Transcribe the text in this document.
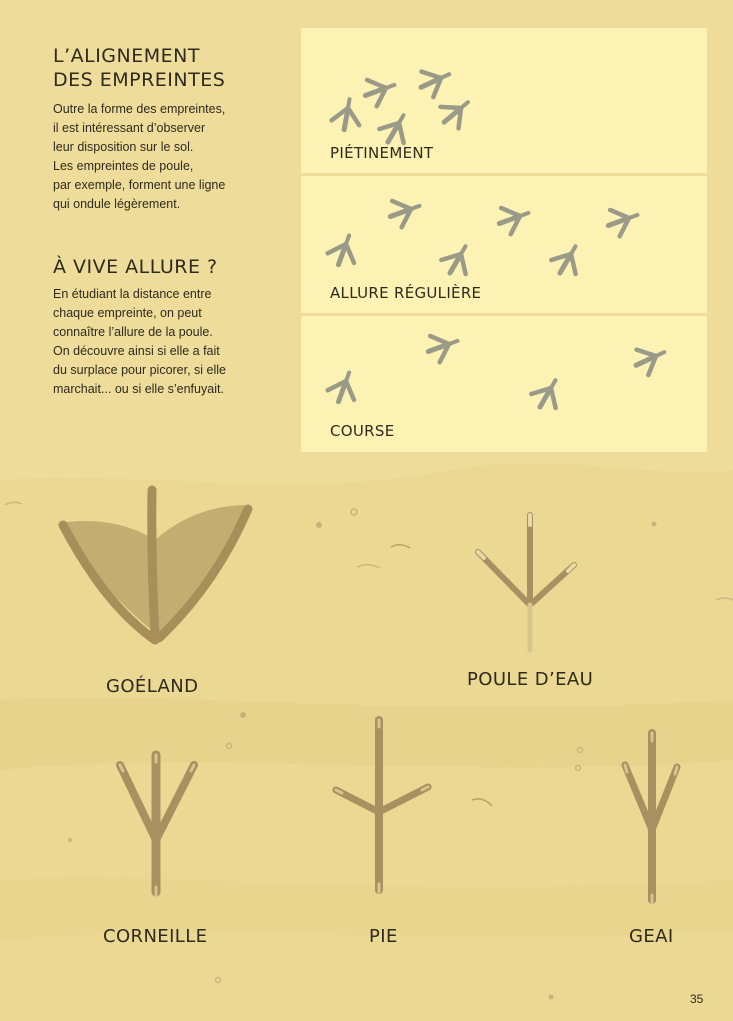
L’ALIGNEMENT
DES EMPREINTES

Outre la forme des empreintes,
il est intéressant d’observer
leur disposition sur le sol.
Les empreintes de poule,
par exemple, forment une ligne
qui ondule légèrement.

À VIVE ALLURE ?

En étudiant la distance entre
chaque empreinte, on peut
connaître l’allure de la poule.
On découvre ainsi si elle a fait
du surplace pour picorer, si elle
marchait... ou si elle s’enfuyait.

PIÉTINEMENT
ALLURE RÉGULIÈRE
COURSE
GOÉLAND	POULE D’EAU
CORNEILLE	PIE	GEAI
35
